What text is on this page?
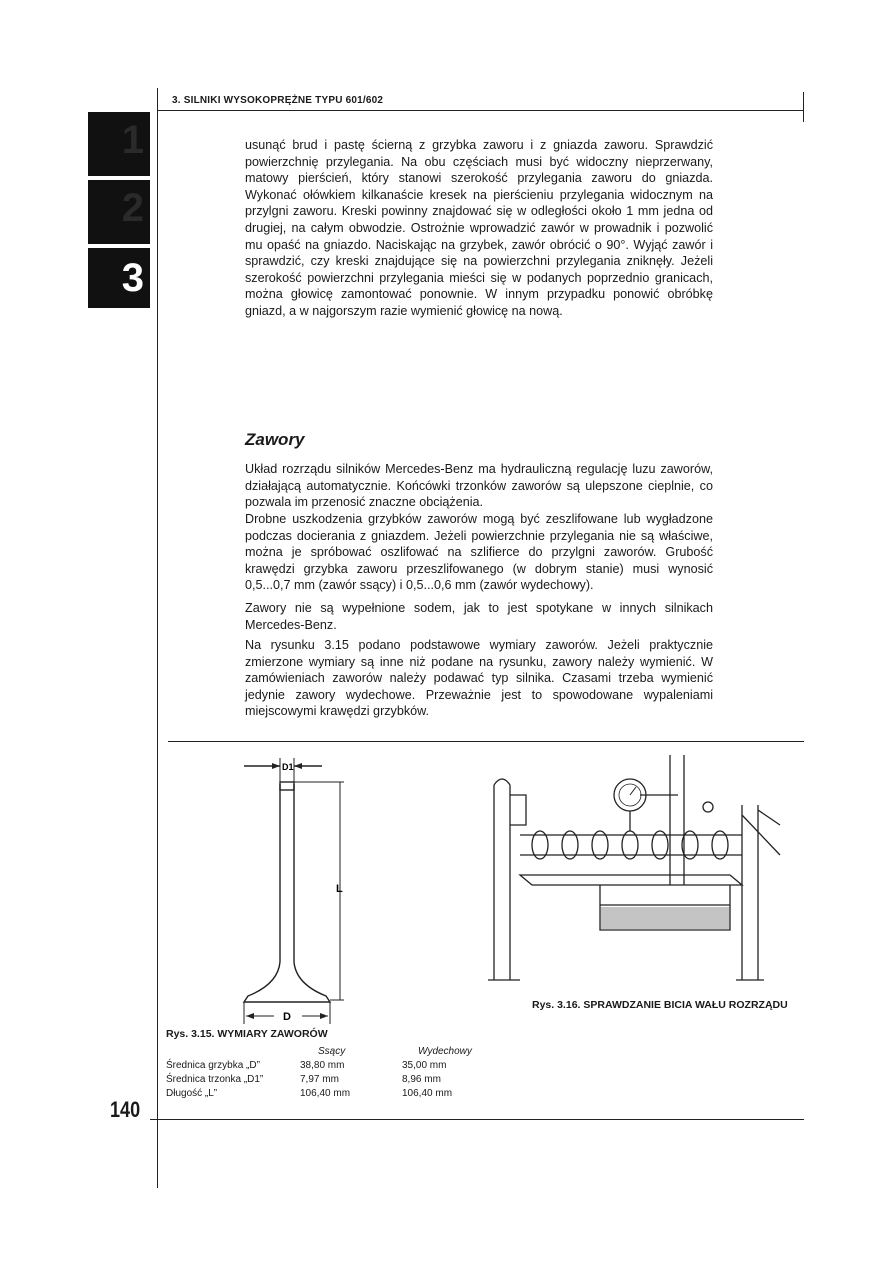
3. SILNIKI WYSOKOPRĘŻNE TYPU 601/602
1
2
3

usunąć brud i pastę ścierną z grzybka zaworu i z gniazda zaworu. Sprawdzić powierzchnię przylegania. Na obu częściach musi być widoczny nieprzerwany, matowy pierścień, który stanowi szerokość przylegania zaworu do gniazda. Wykonać ołówkiem kilkanaście kresek na pierścieniu przylegania widocznym na przylgni zaworu. Kreski powinny znajdować się w odległości około 1 mm jedna od drugiej, na całym obwodzie. Ostrożnie wprowadzić zawór w prowadnik i pozwolić mu opaść na gniazdo. Naciskając na grzybek, zawór obrócić o 90°. Wyjąć zawór i sprawdzić, czy kreski znajdujące się na powierzchni przylegania zniknęły. Jeżeli szerokość powierzchni przylegania mieści się w podanych poprzednio granicach, można głowicę zamontować ponownie. W innym przypadku ponowić obróbkę gniazd, a w najgorszym razie wymienić głowicę na nową.

Zawory

Układ rozrządu silników Mercedes-Benz ma hydrauliczną regulację luzu zaworów, działającą automatycznie. Końcówki trzonków zaworów są ulepszone cieplnie, co pozwala im przenosić znaczne obciążenia.

Drobne uszkodzenia grzybków zaworów mogą być zeszlifowane lub wygładzone podczas docierania z gniazdem. Jeżeli powierzchnie przylegania nie są właściwe, można je spróbować oszlifować na szlifierce do przylgni zaworów. Grubość krawędzi grzybka zaworu przeszlifowanego (w dobrym stanie) musi wynosić 0,5...0,7 mm (zawór ssący) i 0,5...0,6 mm (zawór wydechowy).

Zawory nie są wypełnione sodem, jak to jest spotykane w innych silnikach Mercedes-Benz.

Na rysunku 3.15 podano podstawowe wymiary zaworów. Jeżeli praktycznie zmierzone wymiary są inne niż podane na rysunku, zawory należy wymienić. W zamówieniach zaworów należy podawać typ silnika. Czasami trzeba wymienić jedynie zawory wydechowe. Przeważnie jest to spowodowane wypaleniami miejscowymi krawędzi grzybków.

D1
L
D
Rys. 3.16. SPRAWDZANIE BICIA WAŁU ROZRZĄDU
Rys. 3.15. WYMIARY ZAWORÓW
	Ssący	Wydechowy
Średnica grzybka „D”	38,80 mm	35,00 mm
Średnica trzonka „D1”	7,97 mm	8,96 mm
Długość „L”	106,40 mm	106,40 mm
140
